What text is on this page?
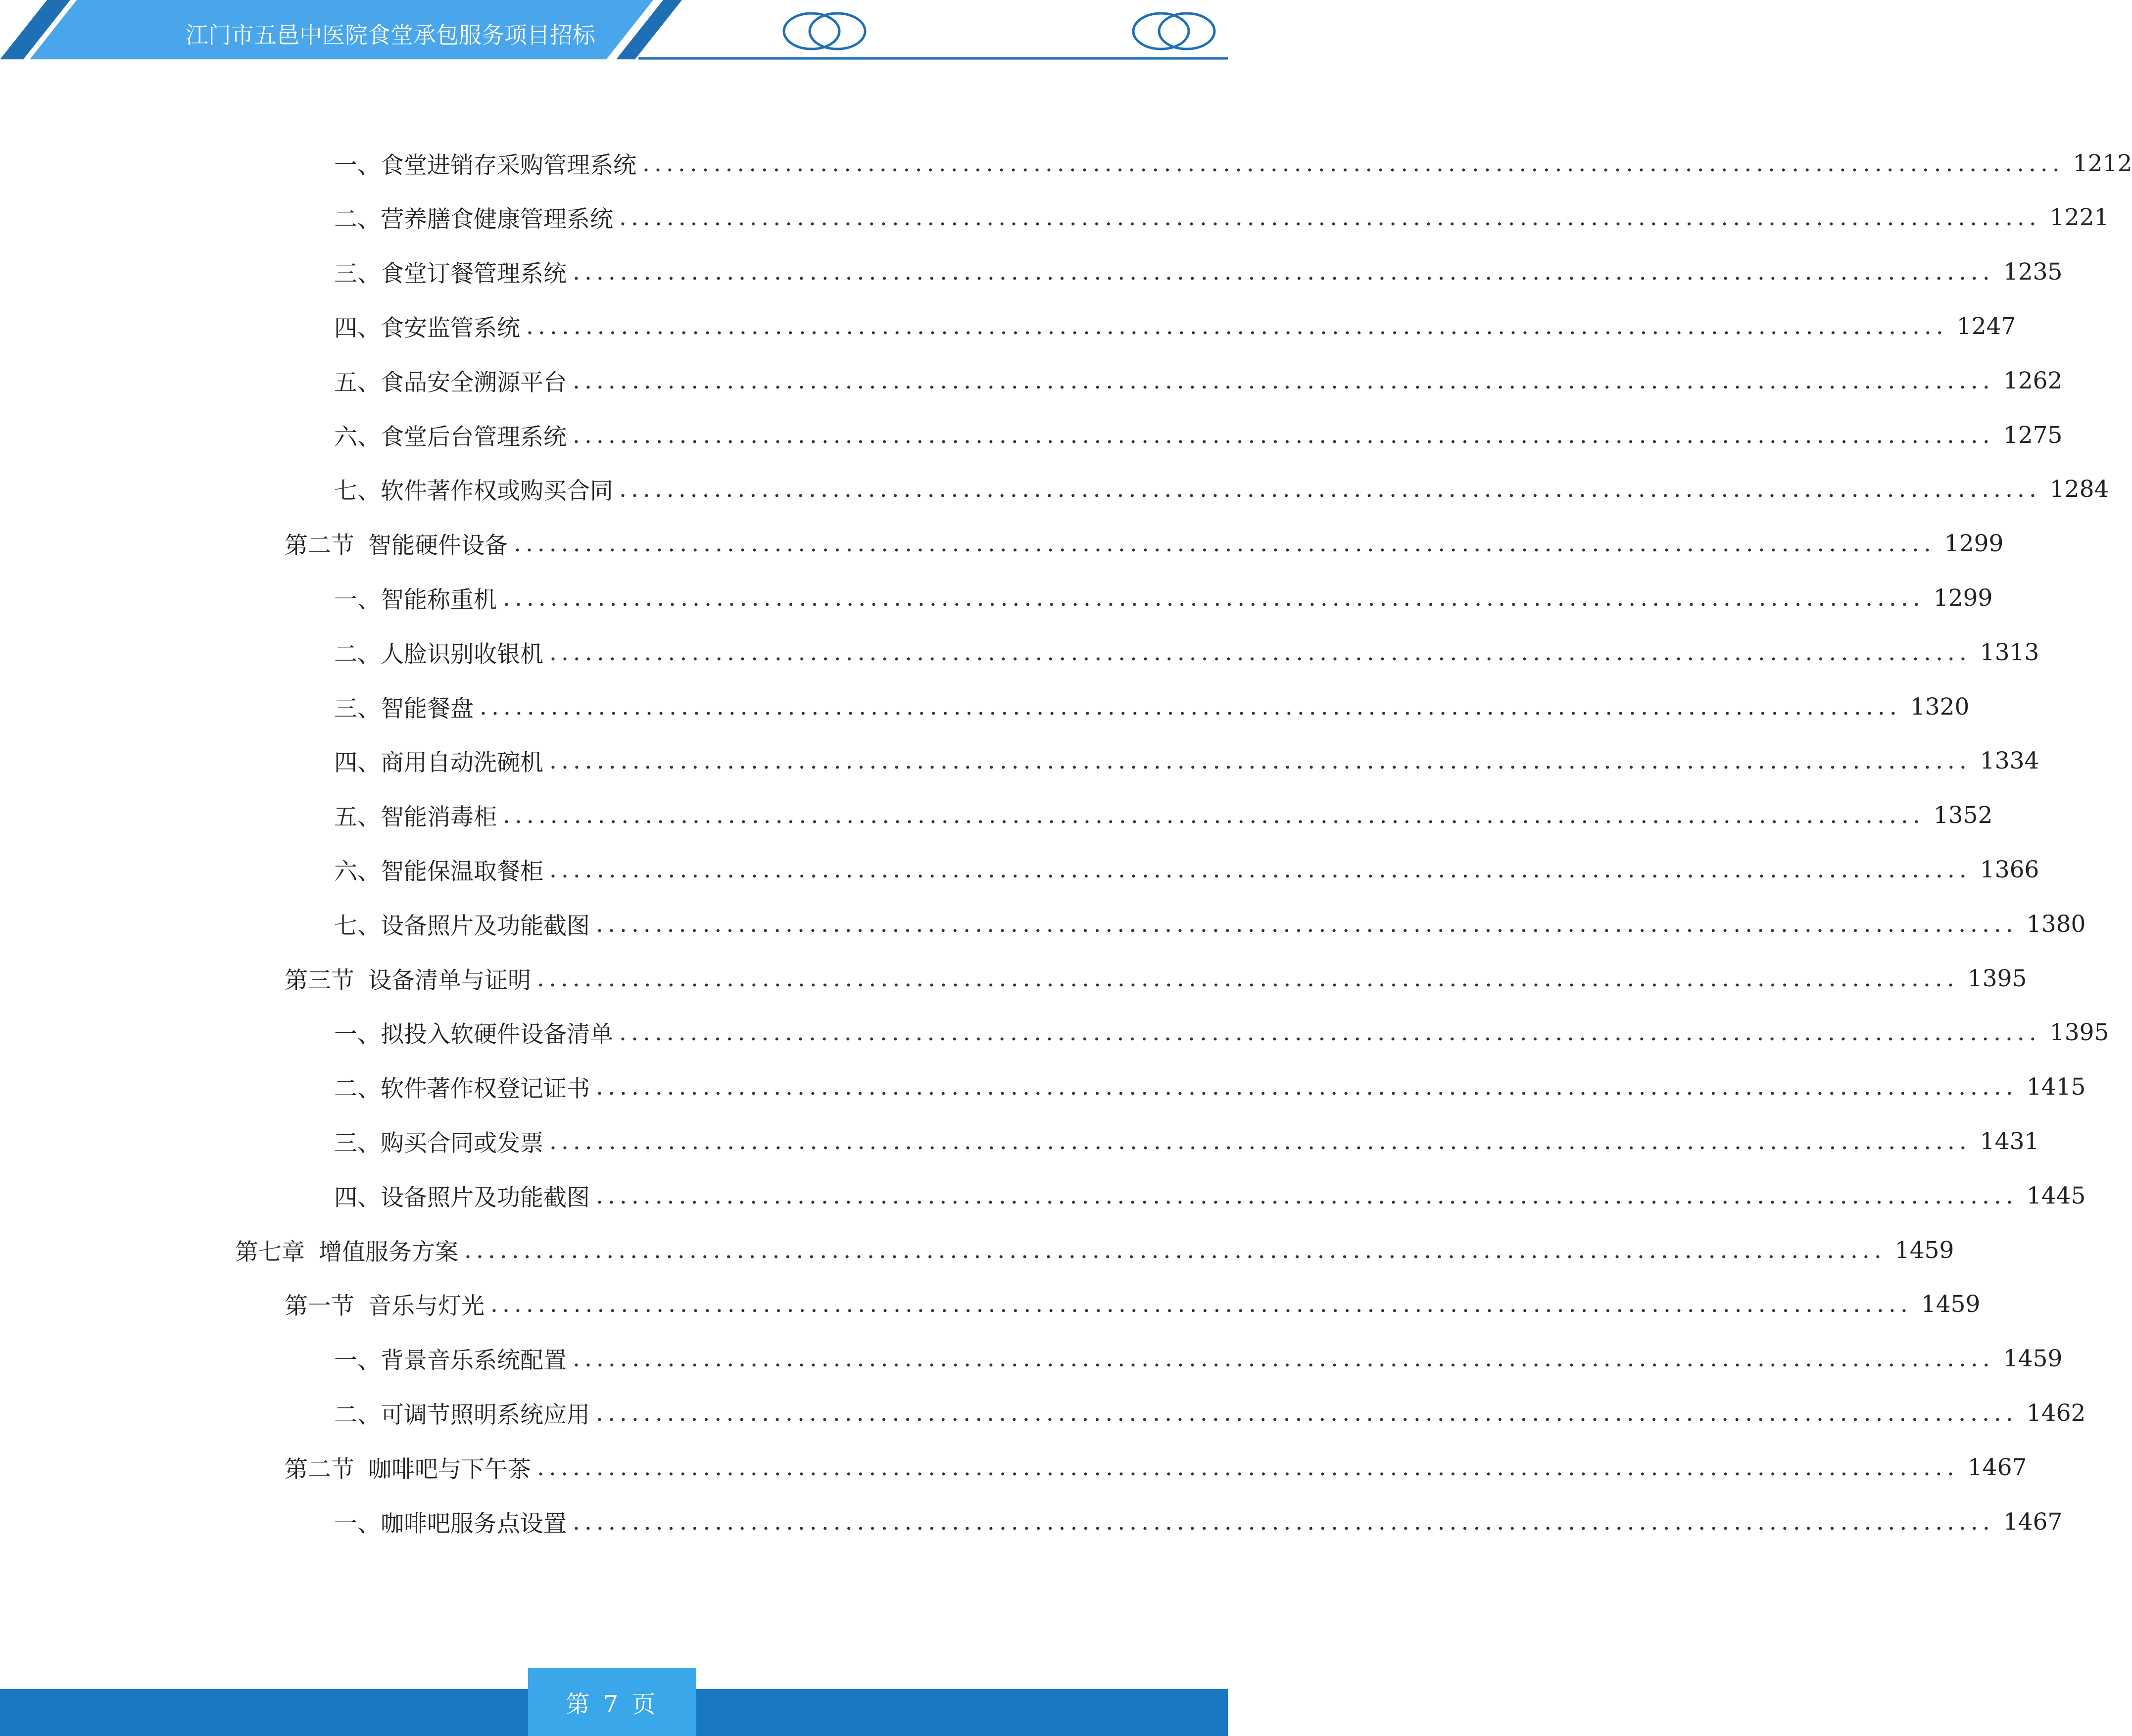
江门市五邑中医院食堂承包服务项目招标
一、 食堂进销存采购管理系统 ........................................................................................................................ 1212
二、 营养膳食健康管理系统 ........................................................................................................................ 1221
三、 食堂订餐管理系统 ........................................................................................................................ 1235
四、 食安监管系统 ........................................................................................................................ 1247
五、 食品安全溯源平台 ........................................................................................................................ 1262
六、 食堂后台管理系统 ........................................................................................................................ 1275
七、 软件著作权或购买合同 ........................................................................................................................ 1284
第二节 智能硬件设备 ........................................................................................................................ 1299
一、 智能称重机 ........................................................................................................................ 1299
二、 人脸识别收银机 ........................................................................................................................ 1313
三、 智能餐盘 ........................................................................................................................ 1320
四、 商用自动洗碗机 ........................................................................................................................ 1334
五、 智能消毒柜 ........................................................................................................................ 1352
六、 智能保温取餐柜 ........................................................................................................................ 1366
七、 设备照片及功能截图 ........................................................................................................................ 1380
第三节 设备清单与证明 ........................................................................................................................ 1395
一、 拟投入软硬件设备清单 ........................................................................................................................ 1395
二、 软件著作权登记证书 ........................................................................................................................ 1415
三、 购买合同或发票 ........................................................................................................................ 1431
四、 设备照片及功能截图 ........................................................................................................................ 1445
第七章 增值服务方案 ........................................................................................................................ 1459
第一节 音乐与灯光 ........................................................................................................................ 1459
一、 背景音乐系统配置 ........................................................................................................................ 1459
二、 可调节照明系统应用 ........................................................................................................................ 1462
第二节 咖啡吧与下午茶 ........................................................................................................................ 1467
一、 咖啡吧服务点设置 ........................................................................................................................ 1467
第 7 页
